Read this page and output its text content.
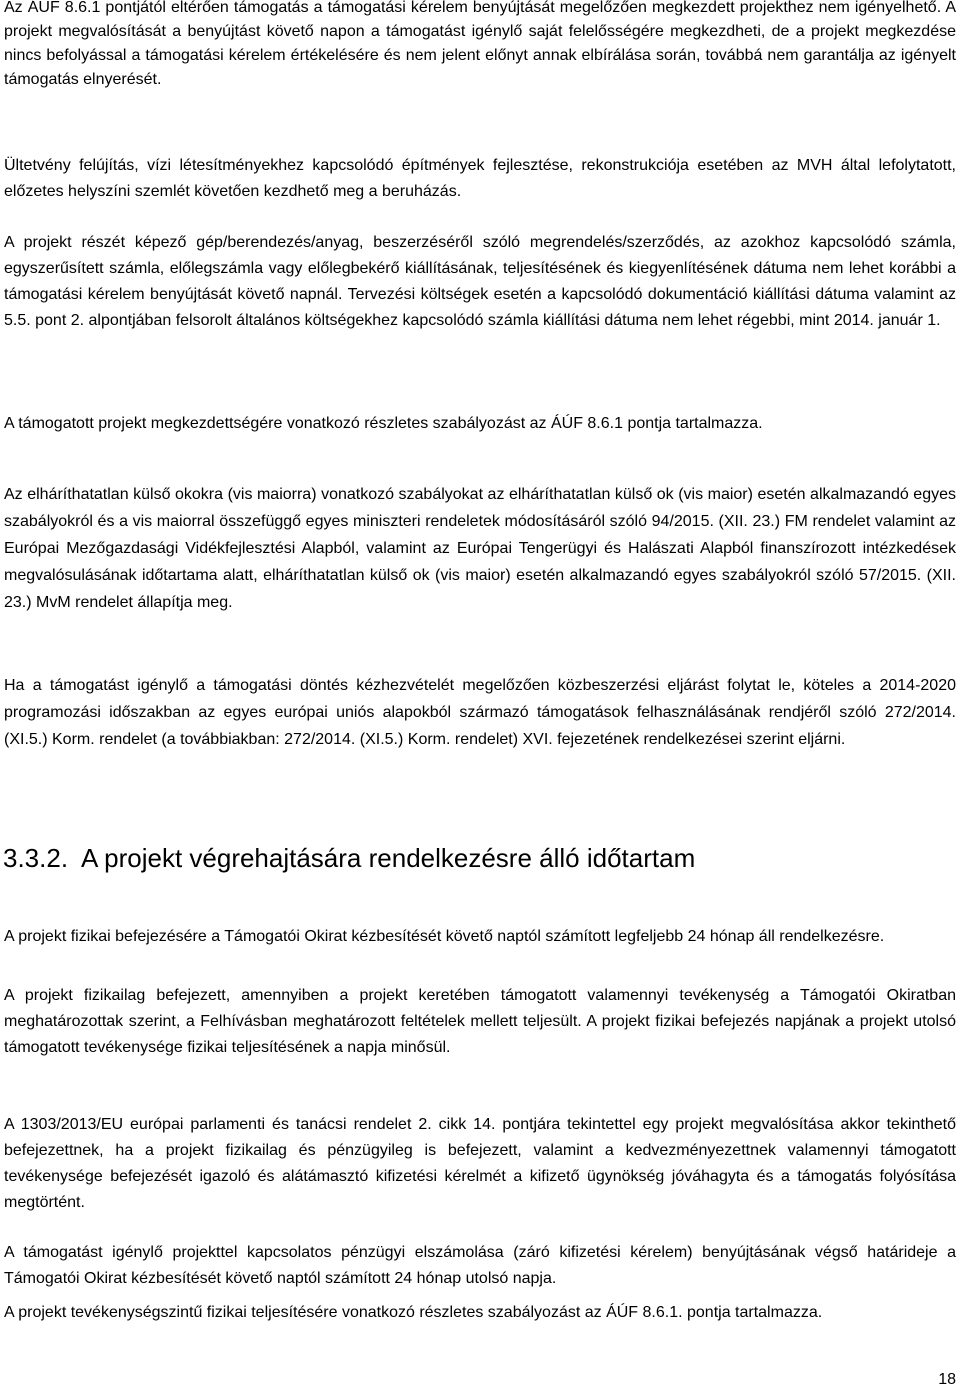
Az ÁÚF 8.6.1 pontjától eltérően támogatás a támogatási kérelem benyújtását megelőzően megkezdett projekthez nem igényelhető. A projekt megvalósítását a benyújtást követő napon a támogatást igénylő saját felelősségére megkezdheti, de a projekt megkezdése nincs befolyással a támogatási kérelem értékelésére és nem jelent előnyt annak elbírálása során, továbbá nem garantálja az igényelt támogatás elnyerését.

Ültetvény felújítás, vízi létesítményekhez kapcsolódó építmények fejlesztése, rekonstrukciója esetében az MVH által lefolytatott, előzetes helyszíni szemlét követően kezdhető meg a beruházás.

A projekt részét képező gép/berendezés/anyag, beszerzéséről szóló megrendelés/szerződés, az azokhoz kapcsolódó számla, egyszerűsített számla, előlegszámla vagy előlegbekérő kiállításának, teljesítésének és kiegyenlítésének dátuma nem lehet korábbi a támogatási kérelem benyújtását követő napnál. Tervezési költségek esetén a kapcsolódó dokumentáció kiállítási dátuma valamint az 5.5. pont 2. alpontjában felsorolt általános költségekhez kapcsolódó számla kiállítási dátuma nem lehet régebbi, mint 2014. január 1.

A támogatott projekt megkezdettségére vonatkozó részletes szabályozást az ÁÚF 8.6.1 pontja tartalmazza.

Az elháríthatatlan külső okokra (vis maiorra) vonatkozó szabályokat az elháríthatatlan külső ok (vis maior) esetén alkalmazandó egyes szabályokról és a vis maiorral összefüggő egyes miniszteri rendeletek módosításáról szóló 94/2015. (XII. 23.) FM rendelet valamint az Európai Mezőgazdasági Vidékfejlesztési Alapból, valamint az Európai Tengerügyi és Halászati Alapból finanszírozott intézkedések megvalósulásának időtartama alatt, elháríthatatlan külső ok (vis maior) esetén alkalmazandó egyes szabályokról szóló 57/2015. (XII. 23.) MvM rendelet állapítja meg.

Ha a támogatást igénylő a támogatási döntés kézhezvételét megelőzően közbeszerzési eljárást folytat le, köteles a 2014-2020 programozási időszakban az egyes európai uniós alapokból származó támogatások felhasználásának rendjéről szóló 272/2014. (XI.5.) Korm. rendelet (a továbbiakban: 272/2014. (XI.5.) Korm. rendelet) XVI. fejezetének rendelkezései szerint eljárni.

3.3.2. A projekt végrehajtására rendelkezésre álló időtartam

A projekt fizikai befejezésére a Támogatói Okirat kézbesítését követő naptól számított legfeljebb 24 hónap áll rendelkezésre.

A projekt fizikailag befejezett, amennyiben a projekt keretében támogatott valamennyi tevékenység a Támogatói Okiratban meghatározottak szerint, a Felhívásban meghatározott feltételek mellett teljesült. A projekt fizikai befejezés napjának a projekt utolsó támogatott tevékenysége fizikai teljesítésének a napja minősül.

A 1303/2013/EU európai parlamenti és tanácsi rendelet 2. cikk 14. pontjára tekintettel egy projekt megvalósítása akkor tekinthető befejezettnek, ha a projekt fizikailag és pénzügyileg is befejezett, valamint a kedvezményezettnek valamennyi támogatott tevékenysége befejezését igazoló és alátámasztó kifizetési kérelmét a kifizető ügynökség jóváhagyta és a támogatás folyósítása megtörtént.

A támogatást igénylő projekttel kapcsolatos pénzügyi elszámolása (záró kifizetési kérelem) benyújtásának végső határideje a Támogatói Okirat kézbesítését követő naptól számított 24 hónap utolsó napja.

A projekt tevékenységszintű fizikai teljesítésére vonatkozó részletes szabályozást az ÁÚF 8.6.1. pontja tartalmazza.

18
